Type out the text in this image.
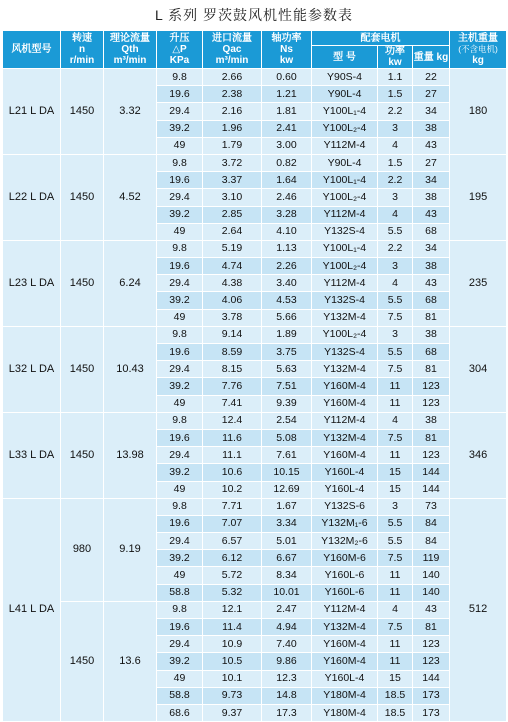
L 系列 罗茨鼓风机性能参数表
风机型号	转速
n
r/min	理论流量
Qth
m³/min	升压
△P
KPa	进口流量
Qac
m³/min	轴功率
Ns
kw	配套电机			主机重量
(不含电机)
kg
						型 号	功率
kw	重量 kg	
L21 L DA	1450	3.32	9.8	2.66	0.60	Y90S-4	1.1	22	180
			19.6	2.38	1.21	Y90L-4	1.5	27	
			29.4	2.16	1.81	Y100L₁-4	2.2	34	
			39.2	1.96	2.41	Y100L₂-4	3	38	
			49	1.79	3.00	Y112M-4	4	43	
L22 L DA	1450	4.52	9.8	3.72	0.82	Y90L-4	1.5	27	195
			19.6	3.37	1.64	Y100L₁-4	2.2	34	
			29.4	3.10	2.46	Y100L₂-4	3	38	
			39.2	2.85	3.28	Y112M-4	4	43	
			49	2.64	4.10	Y132S-4	5.5	68	
L23 L DA	1450	6.24	9.8	5.19	1.13	Y100L₁-4	2.2	34	235
			19.6	4.74	2.26	Y100L₂-4	3	38	
			29.4	4.38	3.40	Y112M-4	4	43	
			39.2	4.06	4.53	Y132S-4	5.5	68	
			49	3.78	5.66	Y132M-4	7.5	81	
L32 L DA	1450	10.43	9.8	9.14	1.89	Y100L₂-4	3	38	304
			19.6	8.59	3.75	Y132S-4	5.5	68	
			29.4	8.15	5.63	Y132M-4	7.5	81	
			39.2	7.76	7.51	Y160M-4	11	123	
			49	7.41	9.39	Y160M-4	11	123	
L33 L DA	1450	13.98	9.8	12.4	2.54	Y112M-4	4	38	346
			19.6	11.6	5.08	Y132M-4	7.5	81	
			29.4	11.1	7.61	Y160M-4	11	123	
			39.2	10.6	10.15	Y160L-4	15	144	
			49	10.2	12.69	Y160L-4	15	144	
L41 L DA	980	9.19	9.8	7.71	1.67	Y132S-6	3	73	512
			19.6	7.07	3.34	Y132M₁-6	5.5	84	
			29.4	6.57	5.01	Y132M₂-6	5.5	84	
			39.2	6.12	6.67	Y160M-6	7.5	119	
			49	5.72	8.34	Y160L-6	11	140	
			58.8	5.32	10.01	Y160L-6	11	140	
	1450	13.6	9.8	12.1	2.47	Y112M-4	4	43	
			19.6	11.4	4.94	Y132M-4	7.5	81	
			29.4	10.9	7.40	Y160M-4	11	123	
			39.2	10.5	9.86	Y160M-4	11	123	
			49	10.1	12.3	Y160L-4	15	144	
			58.8	9.73	14.8	Y180M-4	18.5	173	
			68.6	9.37	17.3	Y180M-4	18.5	173	
